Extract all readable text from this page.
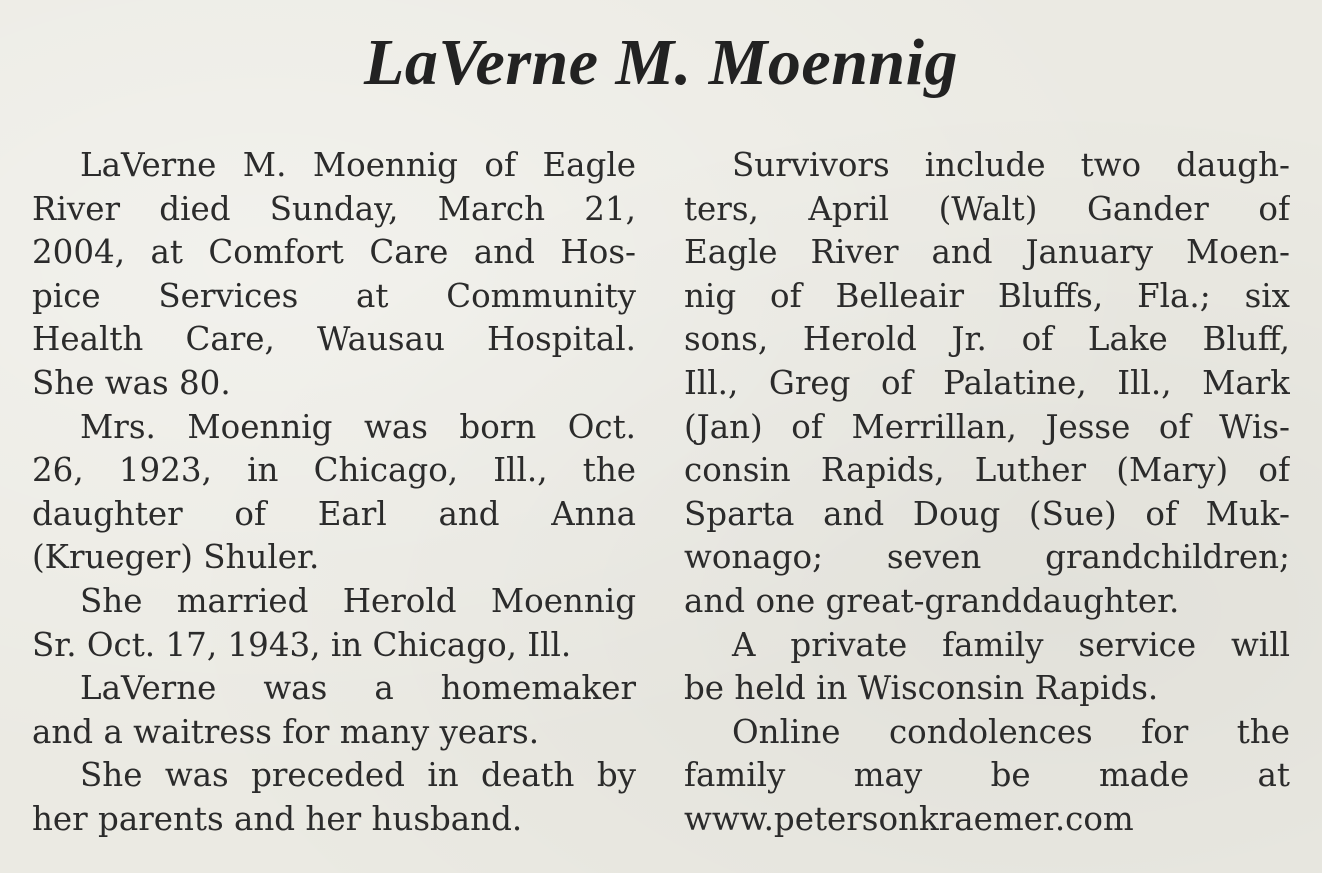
LaVerne M. Moennig
LaVerne M. Moennig of Eagle
River died Sunday, March 21,
2004, at Comfort Care and Hos-
pice Services at Community
Health Care, Wausau Hospital.
She was 80.
Mrs. Moennig was born Oct.
26, 1923, in Chicago, Ill., the
daughter of Earl and Anna
(Krueger) Shuler.
She married Herold Moennig
Sr. Oct. 17, 1943, in Chicago, Ill.
LaVerne was a homemaker
and a waitress for many years.
She was preceded in death by
her parents and her husband.
Survivors include two daugh-
ters, April (Walt) Gander of
Eagle River and January Moen-
nig of Belleair Bluffs, Fla.; six
sons, Herold Jr. of Lake Bluff,
Ill., Greg of Palatine, Ill., Mark
(Jan) of Merrillan, Jesse of Wis-
consin Rapids, Luther (Mary) of
Sparta and Doug (Sue) of Muk-
wonago; seven grandchildren;
and one great-granddaughter.
A private family service will
be held in Wisconsin Rapids.
Online condolences for the
family may be made at
www.petersonkraemer.com
